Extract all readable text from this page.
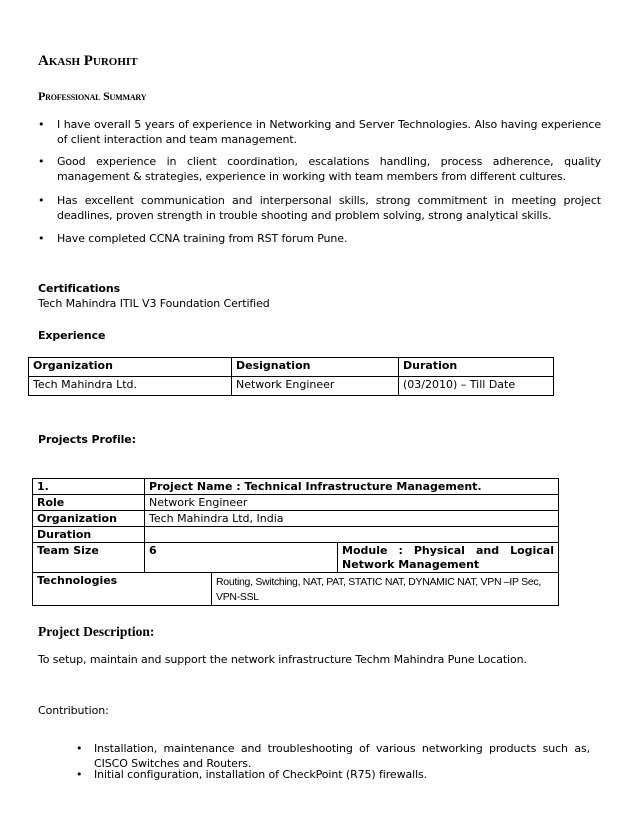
Akash Purohit
Professional Summary
• I have overall 5 years of experience in Networking and Server Technologies. Also having experience of client interaction and team management.
• Good experience in client coordination, escalations handling, process adherence, quality management & strategies, experience in working with team members from different cultures.
• Has excellent communication and interpersonal skills, strong commitment in meeting project deadlines, proven strength in trouble shooting and problem solving, strong analytical skills.
• Have completed CCNA training from RST forum Pune.
Certifications
Tech Mahindra ITIL V3 Foundation Certified
Experience
Organization	Designation	Duration
Tech Mahindra Ltd.	Network Engineer	(03/2010) – Till Date
Projects Profile:
1.	Project Name : Technical Infrastructure Management.		
Role	Network Engineer		
Organization	Tech Mahindra Ltd, India		
Duration			
Team Size	6		Module : Physical and Logical Network Management
Technologies		Routing, Switching, NAT, PAT, STATIC NAT, DYNAMIC NAT, VPN –IP Sec, VPN-SSL	
Project Description:
To setup, maintain and support the network infrastructure Techm Mahindra Pune Location.
Contribution:
• Installation, maintenance and troubleshooting of various networking products such as, CISCO Switches and Routers.
• Initial configuration, installation of CheckPoint (R75) firewalls.
